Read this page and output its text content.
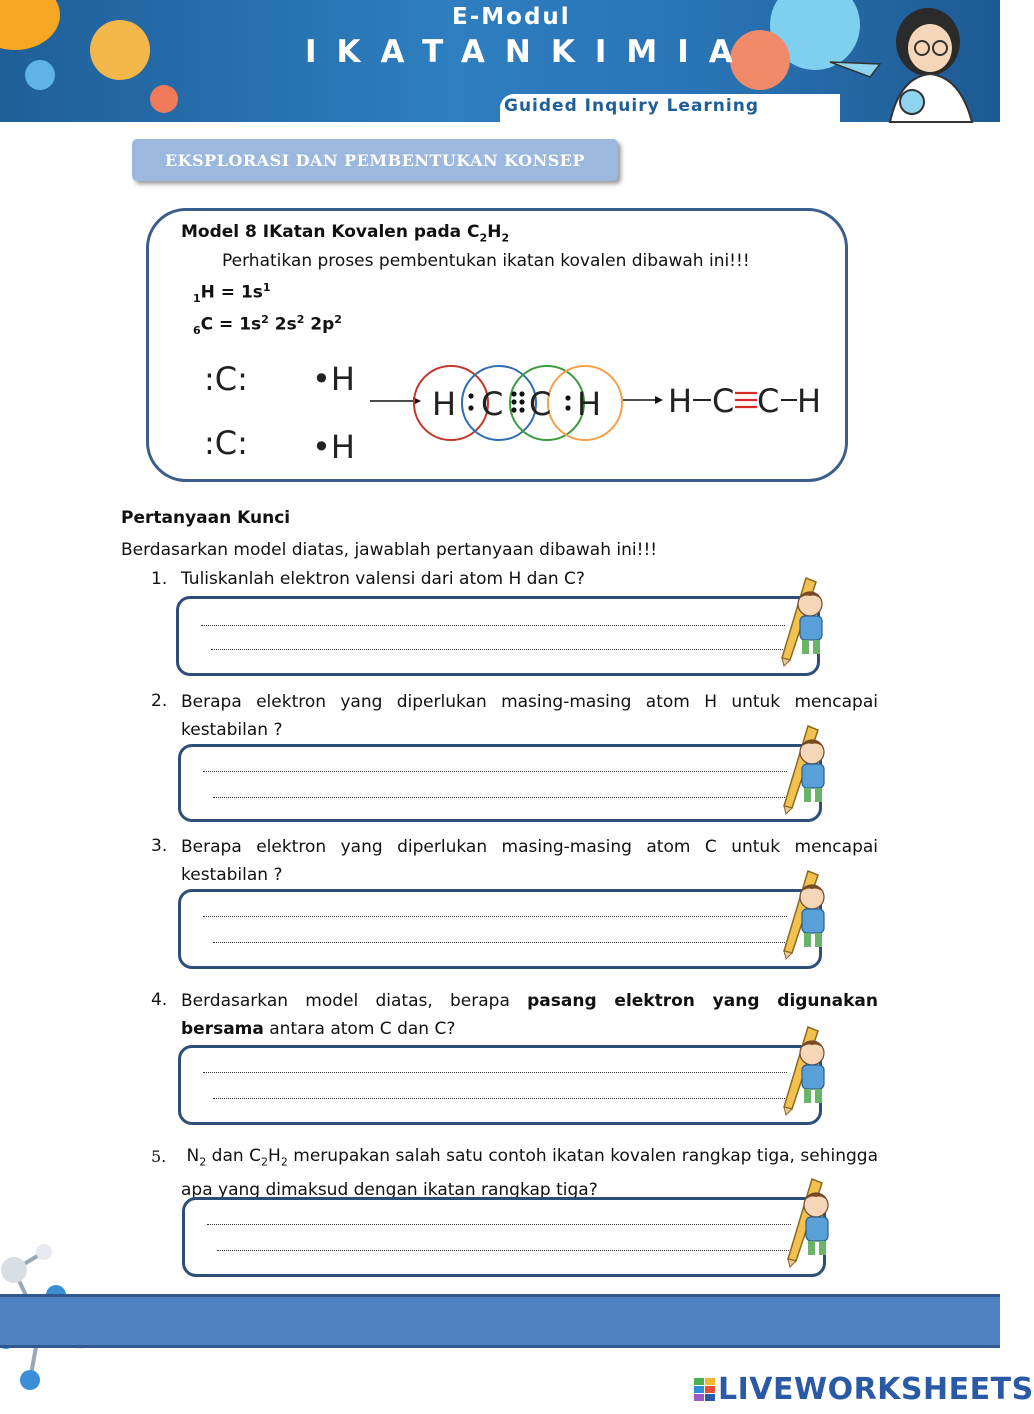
E-Modul
IKATANKIMIA
Guided Inquiry Learning
EKSPLORASI DAN PEMBENTUKAN KONSEP
Model 8 IKatan Kovalen pada $C_2H_2$
Perhatikan proses pembentukan ikatan kovalen dibawah ini!!!
$_1H = 1s^1$
$_6C = 1s^2$ $2s^2$ $2p^2$
:C: •H
:C: •H
H C C H H C C H
Pertanyaan Kunci
Berdasarkan model diatas, jawablah pertanyaan dibawah ini!!!
1. Tuliskanlah elektron valensi dari atom H dan C?
2. Berapa elektron yang diperlukan masing-masing atom H untuk mencapai kestabilan ?
3. Berapa elektron yang diperlukan masing-masing atom C untuk mencapai kestabilan ?
4. Berdasarkan model diatas, berapa pasang elektron yang digunakan bersama antara atom C dan C?
5.	$N_2$ dan $C_2H_2$ merupakan salah satu contoh ikatan kovalen rangkap tiga, sehingga apa yang dimaksud dengan ikatan rangkap tiga?
LIVEWORKSHEETS
